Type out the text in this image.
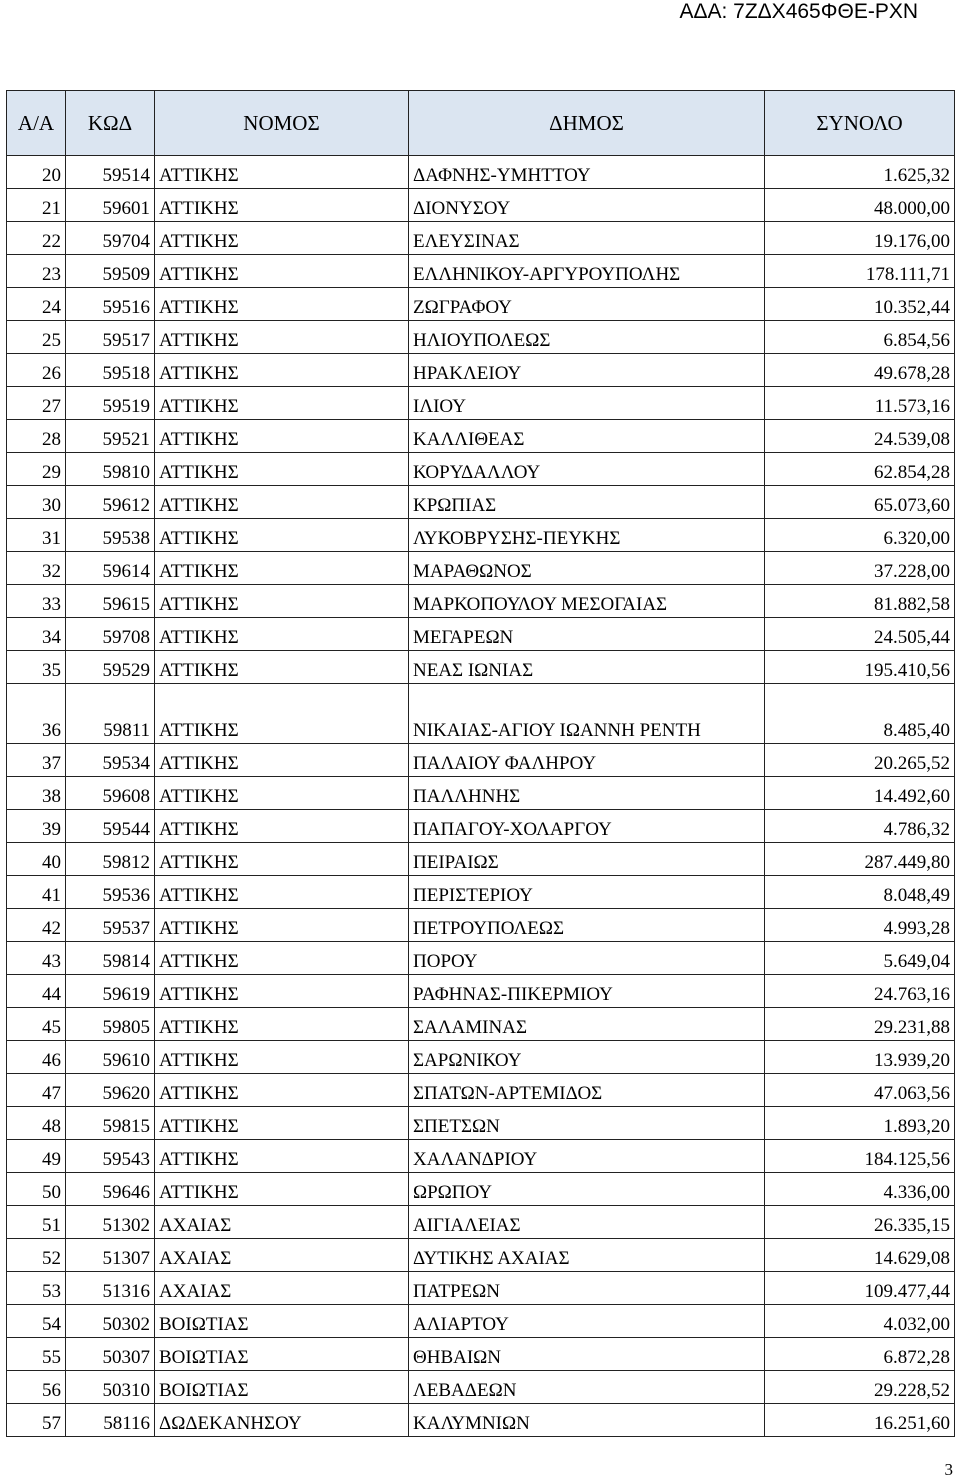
ΑΔΑ: 7ΖΔΧ465ΦΘΕ-ΡΧΝ
Α/Α	ΚΩΔ	ΝΟΜΟΣ	ΔΗΜΟΣ	ΣΥΝΟΛΟ
20	59514	ΑΤΤΙΚΗΣ	ΔΑΦΝΗΣ-ΥΜΗΤΤΟΥ	1.625,32
21	59601	ΑΤΤΙΚΗΣ	ΔΙΟΝΥΣΟΥ	48.000,00
22	59704	ΑΤΤΙΚΗΣ	ΕΛΕΥΣΙΝΑΣ	19.176,00
23	59509	ΑΤΤΙΚΗΣ	ΕΛΛΗΝΙΚΟΥ-ΑΡΓΥΡΟΥΠΟΛΗΣ	178.111,71
24	59516	ΑΤΤΙΚΗΣ	ΖΩΓΡΑΦΟΥ	10.352,44
25	59517	ΑΤΤΙΚΗΣ	ΗΛΙΟΥΠΟΛΕΩΣ	6.854,56
26	59518	ΑΤΤΙΚΗΣ	ΗΡΑΚΛΕΙΟΥ	49.678,28
27	59519	ΑΤΤΙΚΗΣ	ΙΛΙΟΥ	11.573,16
28	59521	ΑΤΤΙΚΗΣ	ΚΑΛΛΙΘΕΑΣ	24.539,08
29	59810	ΑΤΤΙΚΗΣ	ΚΟΡΥΔΑΛΛΟΥ	62.854,28
30	59612	ΑΤΤΙΚΗΣ	ΚΡΩΠΙΑΣ	65.073,60
31	59538	ΑΤΤΙΚΗΣ	ΛΥΚΟΒΡΥΣΗΣ-ΠΕΥΚΗΣ	6.320,00
32	59614	ΑΤΤΙΚΗΣ	ΜΑΡΑΘΩΝΟΣ	37.228,00
33	59615	ΑΤΤΙΚΗΣ	ΜΑΡΚΟΠΟΥΛΟΥ ΜΕΣΟΓΑΙΑΣ	81.882,58
34	59708	ΑΤΤΙΚΗΣ	ΜΕΓΑΡΕΩΝ	24.505,44
35	59529	ΑΤΤΙΚΗΣ	ΝΕΑΣ ΙΩΝΙΑΣ	195.410,56
36	59811	ΑΤΤΙΚΗΣ	ΝΙΚΑΙΑΣ-ΑΓΙΟΥ ΙΩΑΝΝΗ ΡΕΝΤΗ	8.485,40
37	59534	ΑΤΤΙΚΗΣ	ΠΑΛΑΙΟΥ ΦΑΛΗΡΟΥ	20.265,52
38	59608	ΑΤΤΙΚΗΣ	ΠΑΛΛΗΝΗΣ	14.492,60
39	59544	ΑΤΤΙΚΗΣ	ΠΑΠΑΓΟΥ-ΧΟΛΑΡΓΟΥ	4.786,32
40	59812	ΑΤΤΙΚΗΣ	ΠΕΙΡΑΙΩΣ	287.449,80
41	59536	ΑΤΤΙΚΗΣ	ΠΕΡΙΣΤΕΡΙΟΥ	8.048,49
42	59537	ΑΤΤΙΚΗΣ	ΠΕΤΡΟΥΠΟΛΕΩΣ	4.993,28
43	59814	ΑΤΤΙΚΗΣ	ΠΟΡΟΥ	5.649,04
44	59619	ΑΤΤΙΚΗΣ	ΡΑΦΗΝΑΣ-ΠΙΚΕΡΜΙΟΥ	24.763,16
45	59805	ΑΤΤΙΚΗΣ	ΣΑΛΑΜΙΝΑΣ	29.231,88
46	59610	ΑΤΤΙΚΗΣ	ΣΑΡΩΝΙΚΟΥ	13.939,20
47	59620	ΑΤΤΙΚΗΣ	ΣΠΑΤΩΝ-ΑΡΤΕΜΙΔΟΣ	47.063,56
48	59815	ΑΤΤΙΚΗΣ	ΣΠΕΤΣΩΝ	1.893,20
49	59543	ΑΤΤΙΚΗΣ	ΧΑΛΑΝΔΡΙΟΥ	184.125,56
50	59646	ΑΤΤΙΚΗΣ	ΩΡΩΠΟΥ	4.336,00
51	51302	ΑΧΑΙΑΣ	ΑΙΓΙΑΛΕΙΑΣ	26.335,15
52	51307	ΑΧΑΙΑΣ	ΔΥΤΙΚΗΣ ΑΧΑΙΑΣ	14.629,08
53	51316	ΑΧΑΙΑΣ	ΠΑΤΡΕΩΝ	109.477,44
54	50302	ΒΟΙΩΤΙΑΣ	ΑΛΙΑΡΤΟΥ	4.032,00
55	50307	ΒΟΙΩΤΙΑΣ	ΘΗΒΑΙΩΝ	6.872,28
56	50310	ΒΟΙΩΤΙΑΣ	ΛΕΒΑΔΕΩΝ	29.228,52
57	58116	ΔΩΔΕΚΑΝΗΣΟΥ	ΚΑΛΥΜΝΙΩΝ	16.251,60
3
